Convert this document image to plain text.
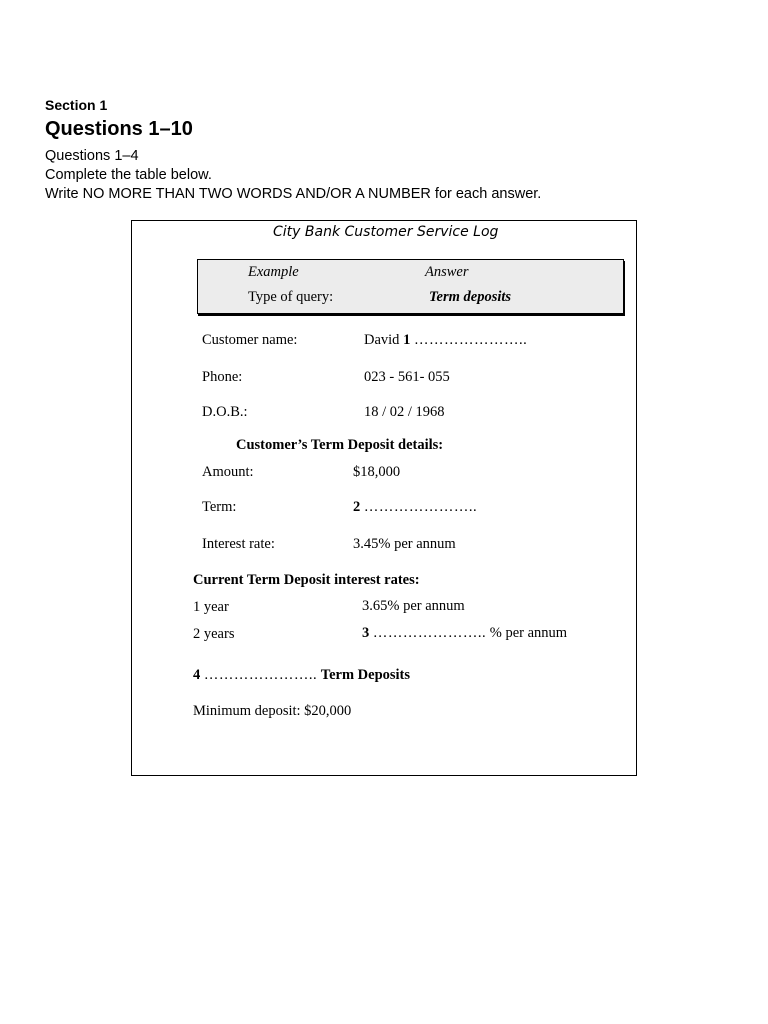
Section 1
Questions 1–10
Questions 1–4
Complete the table below.
Write NO MORE THAN TWO WORDS AND/OR A NUMBER for each answer.
City Bank Customer Service Log
Example	Answer
Type of query:	Term deposits
Customer name:	David 1 …………………..
Phone:	023 - 561- 055
D.O.B.:	18 / 02 / 1968
Customer’s Term Deposit details:
Amount:	$18,000
Term:	2 …………………..
Interest rate:	3.45% per annum
Current Term Deposit interest rates:
1 year	3.65% per annum
2 years	3 ………………….. % per annum
4 ………………….. Term Deposits
Minimum deposit: $20,000
